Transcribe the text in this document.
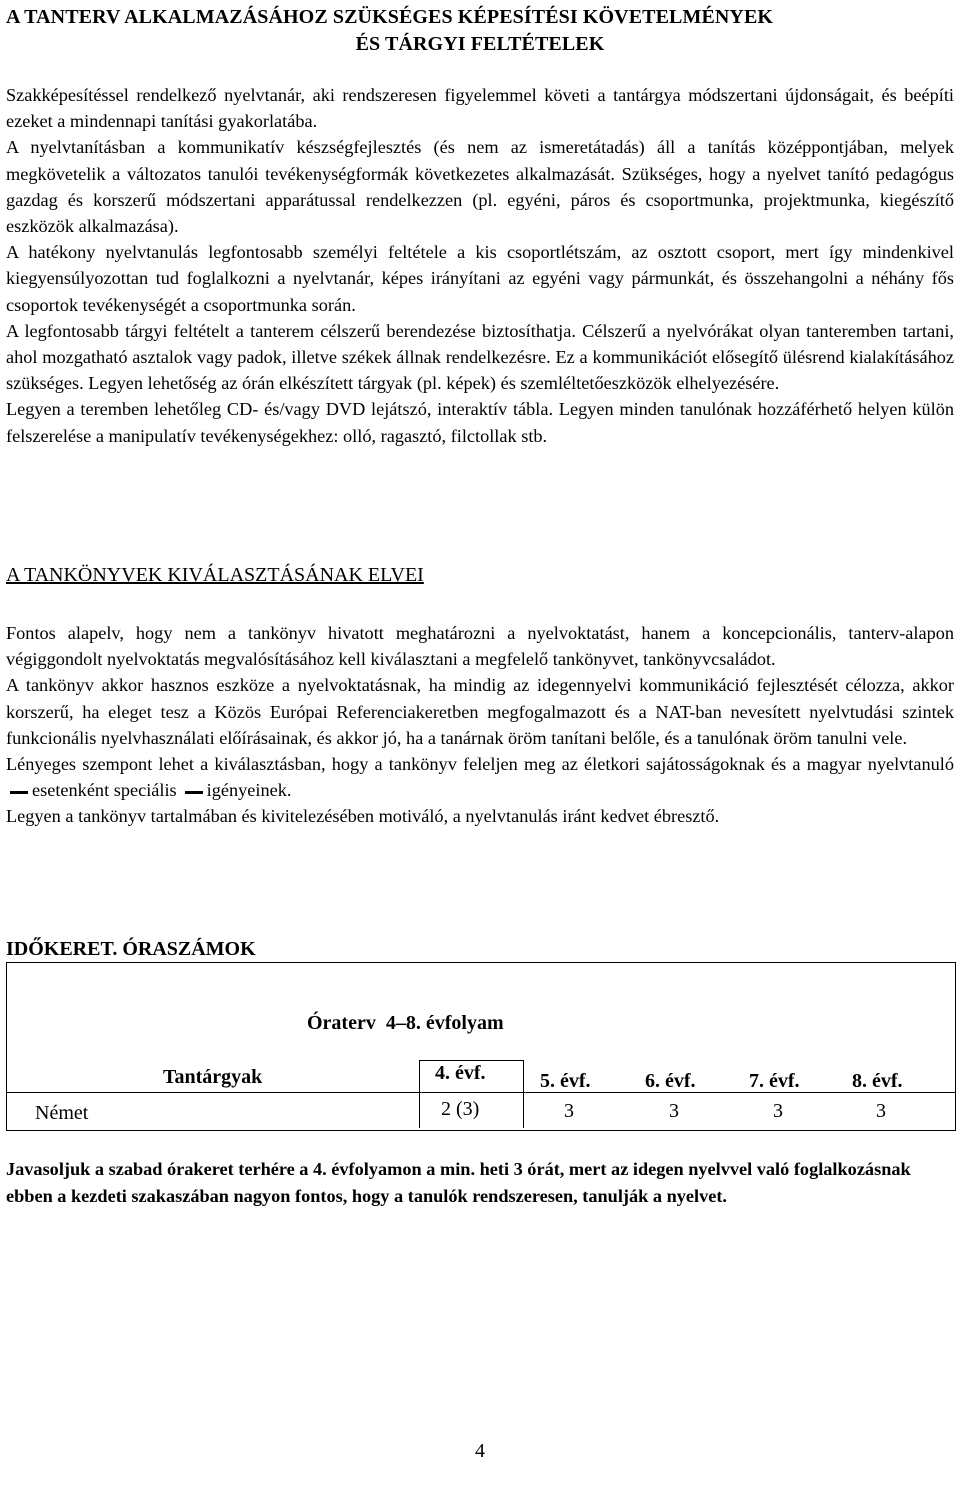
A TANTERV ALKALMAZÁSÁHOZ SZÜKSÉGES KÉPESÍTÉSI KÖVETELMÉNYEK

ÉS TÁRGYI FELTÉTELEK

Szakképesítéssel rendelkező nyelvtanár, aki rendszeresen figyelemmel követi a tantárgya módszertani újdonságait, és beépíti ezeket a mindennapi tanítási gyakorlatába.

A nyelvtanításban a kommunikatív készségfejlesztés (és nem az ismeretátadás) áll a tanítás középpontjában, melyek megkövetelik a változatos tanulói tevékenységformák következetes alkalmazását. Szükséges, hogy a nyelvet tanító pedagógus gazdag és korszerű módszertani apparátussal rendelkezzen (pl. egyéni, páros és csoportmunka, projektmunka, kiegészítő eszközök alkalmazása).

A hatékony nyelvtanulás legfontosabb személyi feltétele a kis csoportlétszám, az osztott csoport, mert így mindenkivel kiegyensúlyozottan tud foglalkozni a nyelvtanár, képes irányítani az egyéni vagy pármunkát, és összehangolni a néhány fős csoportok tevékenységét a csoportmunka során.

A legfontosabb tárgyi feltételt a tanterem célszerű berendezése biztosíthatja. Célszerű a nyelvórákat olyan tanteremben tartani, ahol mozgatható asztalok vagy padok, illetve székek állnak rendelkezésre. Ez a kommunikációt elősegítő ülésrend kialakításához szükséges. Legyen lehetőség az órán elkészített tárgyak (pl. képek) és szemléltetőeszközök elhelyezésére.

Legyen a teremben lehetőleg CD- és/vagy DVD lejátszó, interaktív tábla. Legyen minden tanulónak hozzáférhető helyen külön felszerelése a manipulatív tevékenységekhez: olló, ragasztó, filctollak stb.

A TANKÖNYVEK KIVÁLASZTÁSÁNAK ELVEI

Fontos alapelv, hogy nem a tankönyv hivatott meghatározni a nyelvoktatást, hanem a koncepcionális, tanterv-alapon végiggondolt nyelvoktatás megvalósításához kell kiválasztani a megfelelő tankönyvet, tankönyvcsaládot.

A tankönyv akkor hasznos eszköze a nyelvoktatásnak, ha mindig az idegennyelvi kommunikáció fejlesztését célozza, akkor korszerű, ha eleget tesz a Közös Európai Referenciakeretben megfogalmazott és a NAT-ban nevesített nyelvtudási szintek funkcionális nyelvhasználati előírásainak, és akkor jó, ha a tanárnak öröm tanítani belőle, és a tanulónak öröm tanulni vele.

Lényeges szempont lehet a kiválasztásban, hogy a tankönyv feleljen meg az életkori sajátosságoknak és a magyar nyelvtanulóesetenként speciális igényeinek.

Legyen a tankönyv tartalmában és kivitelezésében motiváló, a nyelvtanulás iránt kedvet ébresztő.

IDŐKERET. ÓRASZÁMOK

Óraterv  4–8. évfolyam
Tantárgyak	4. évf.	5. évf.	6. évf.	7. évf.	8. évf.
Német	2 (3)	3	3	3	3

Javasoljuk a szabad órakeret terhére a 4. évfolyamon a min. heti 3 órát, mert az idegen nyelvvel való foglalkozásnak ebben a kezdeti szakaszában nagyon fontos, hogy a tanulók rendszeresen, tanulják a nyelvet.

4
